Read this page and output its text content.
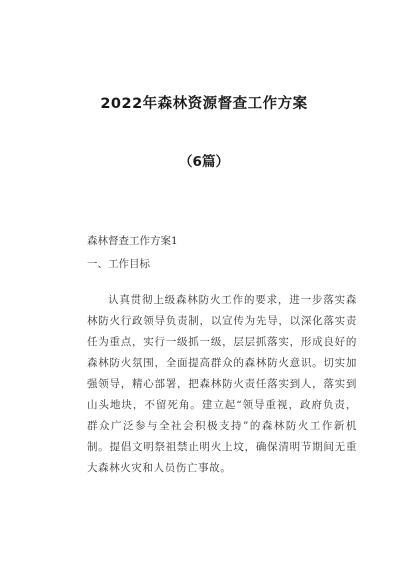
2022年森林资源督查工作方案
（6篇）
森林督查工作方案1
一、工作目标

认真贯彻上级森林防火工作的要求，进一步落实森林防火行政领导负责制，以宣传为先导，以深化落实责任为重点，实行一级抓一级，层层抓落实，形成良好的森林防火氛围，全面提高群众的森林防火意识。切实加强领导，精心部署，把森林防火责任落实到人，落实到山头地块，不留死角。建立起“领导重视，政府负责，群众广泛参与全社会积极支持”的森林防火工作新机制。提倡文明祭祖禁止明火上坟，确保清明节期间无重大森林火灾和人员伤亡事故。
